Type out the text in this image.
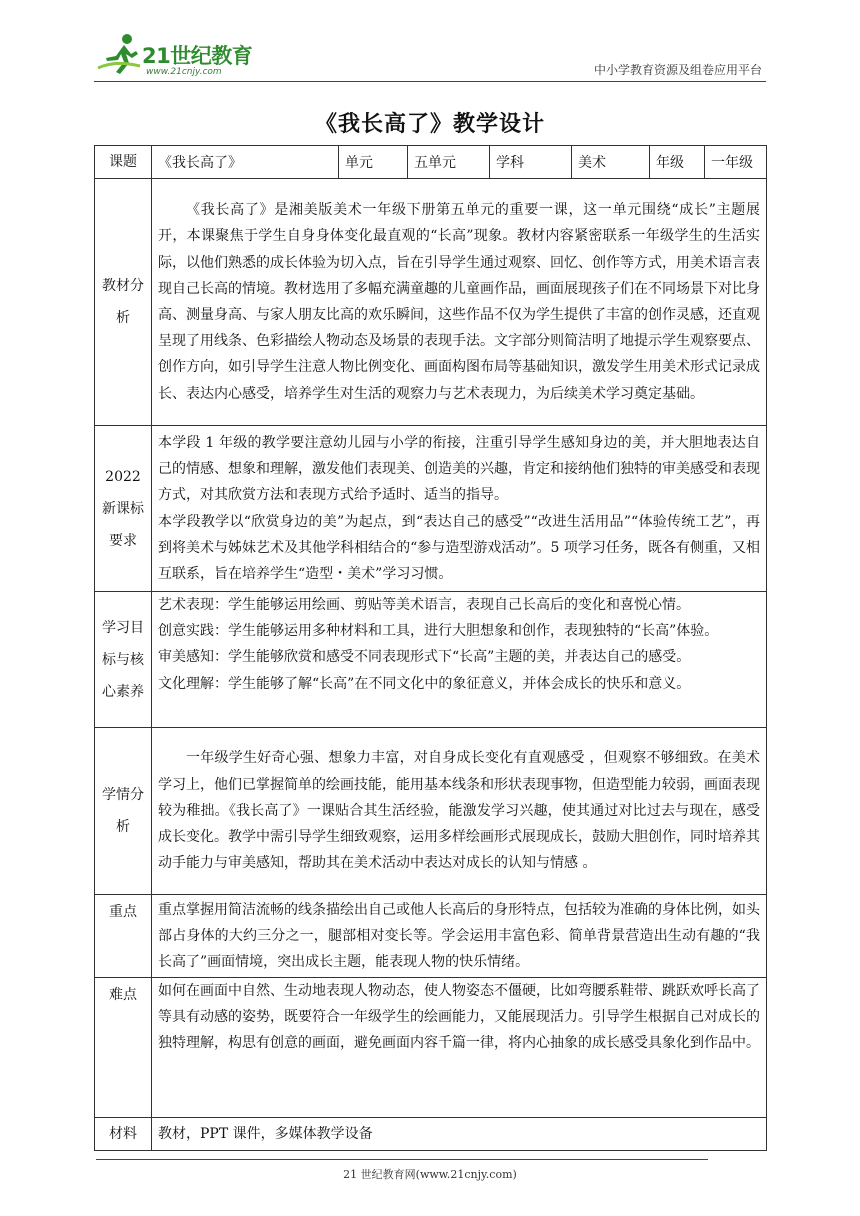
21世纪教育
www.21cnjy.com	中小学教育资源及组卷应用平台
《我长高了》教学设计
课题	《我长高了》	单元	五单元	学科	美术	年级	一年级
教材分析	《我长高了》是湘美版美术一年级下册第五单元的重要一课，这一单元围绕“成长”主题展开，本课聚焦于学生自身身体变化最直观的“长高”现象。教材内容紧密联系一年级学生的生活实际，以他们熟悉的成长体验为切入点，旨在引导学生通过观察、回忆、创作等方式，用美术语言表现自己长高的情境。教材选用了多幅充满童趣的儿童画作品，画面展现孩子们在不同场景下对比身高、测量身高、与家人朋友比高的欢乐瞬间，这些作品不仅为学生提供了丰富的创作灵感，还直观呈现了用线条、色彩描绘人物动态及场景的表现手法。文字部分则简洁明了地提示学生观察要点、创作方向，如引导学生注意人物比例变化、画面构图布局等基础知识，激发学生用美术形式记录成长、表达内心感受，培养学生对生活的观察力与艺术表现力，为后续美术学习奠定基础。						
2022新课标要求	本学段 1 年级的教学要注意幼儿园与小学的衔接，注重引导学生感知身边的美，并大胆地表达自己的情感、想象和理解，激发他们表现美、创造美的兴趣，肯定和接纳他们独特的审美感受和表现方式，对其欣赏方法和表现方式给予适时、适当的指导。

本学段教学以“欣赏身边的美”为起点，到“表达自己的感受”“改进生活用品”“体验传统工艺”，再到将美术与姊妹艺术及其他学科相结合的“参与造型游戏活动”。5 项学习任务，既各有侧重，又相互联系，旨在培养学生“造型・美术”学习习惯。						

学习目标与核心素养	艺术表现：学生能够运用绘画、剪贴等美术语言，表现自己长高后的变化和喜悦心情。

创意实践：学生能够运用多种材料和工具，进行大胆想象和创作，表现独特的“长高”体验。

审美感知：学生能够欣赏和感受不同表现形式下“长高”主题的美，并表达自己的感受。

文化理解：学生能够了解“长高”在不同文化中的象征意义，并体会成长的快乐和意义。						

学情分析	一年级学生好奇心强、想象力丰富，对自身成长变化有直观感受 ，但观察不够细致。在美术学习上，他们已掌握简单的绘画技能，能用基本线条和形状表现事物，但造型能力较弱，画面表现较为稚拙。《我长高了》一课贴合其生活经验，能激发学习兴趣，使其通过对比过去与现在，感受成长变化。教学中需引导学生细致观察，运用多样绘画形式展现成长，鼓励大胆创作，同时培养其动手能力与审美感知，帮助其在美术活动中表达对成长的认知与情感 。						
重点	重点掌握用简洁流畅的线条描绘出自己或他人长高后的身形特点，包括较为准确的身体比例，如头部占身体的大约三分之一，腿部相对变长等。学会运用丰富色彩、简单背景营造出生动有趣的“我长高了”画面情境，突出成长主题，能表现人物的快乐情绪。						
难点	如何在画面中自然、生动地表现人物动态，使人物姿态不僵硬，比如弯腰系鞋带、跳跃欢呼长高了等具有动感的姿势，既要符合一年级学生的绘画能力，又能展现活力。引导学生根据自己对成长的独特理解，构思有创意的画面，避免画面内容千篇一律，将内心抽象的成长感受具象化到作品中。						
材料	教材，PPT 课件，多媒体教学设备						
21 世纪教育网(www.21cnjy.com)
